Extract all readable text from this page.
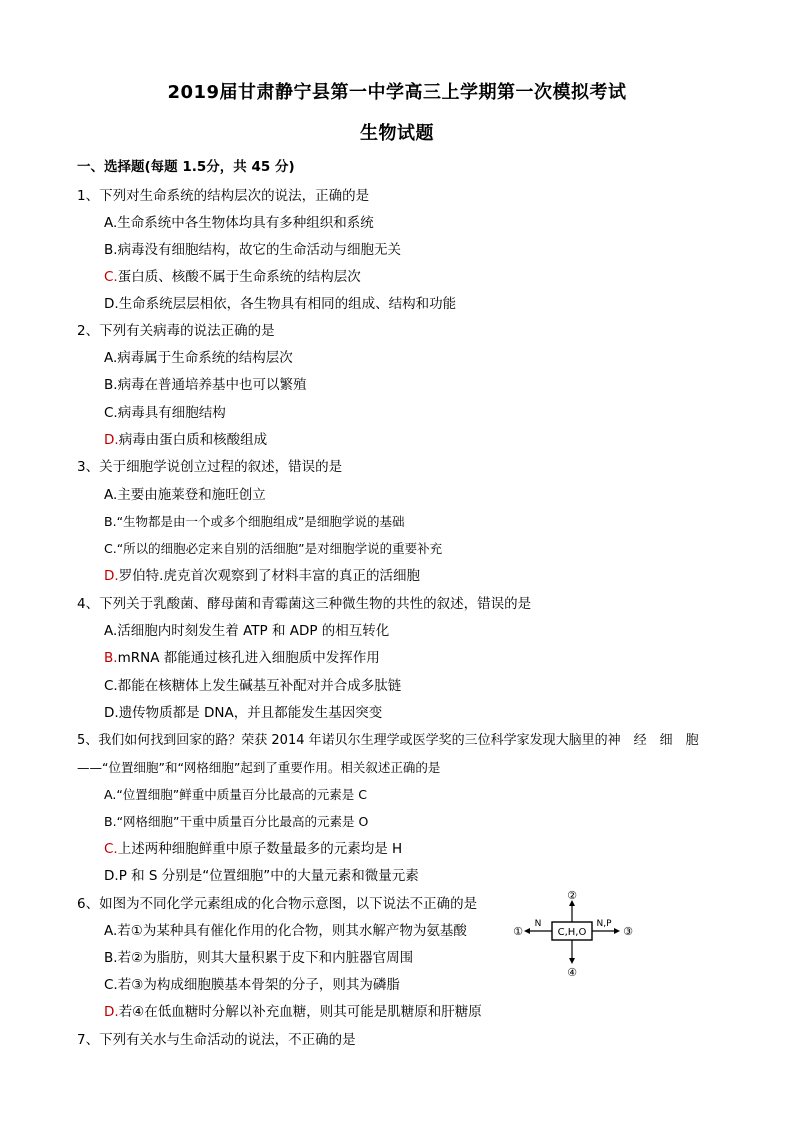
2019届甘肃静宁县第一中学高三上学期第一次模拟考试
生物试题
一、选择题(每题 1.5分，共 45 分)
1、下列对生命系统的结构层次的说法，正确的是
A.生命系统中各生物体均具有多种组织和系统
B.病毒没有细胞结构，故它的生命活动与细胞无关
C.蛋白质、核酸不属于生命系统的结构层次
D.生命系统层层相依，各生物具有相同的组成、结构和功能
2、下列有关病毒的说法正确的是
A.病毒属于生命系统的结构层次
B.病毒在普通培养基中也可以繁殖
C.病毒具有细胞结构
D.病毒由蛋白质和核酸组成
3、关于细胞学说创立过程的叙述，错误的是
A.主要由施莱登和施旺创立
B.“生物都是由一个或多个细胞组成”是细胞学说的基础
C.“所以的细胞必定来自别的活细胞”是对细胞学说的重要补充
D.罗伯特.虎克首次观察到了材料丰富的真正的活细胞
4、下列关于乳酸菌、酵母菌和青霉菌这三种微生物的共性的叙述，错误的是
A.活细胞内时刻发生着 ATP 和 ADP 的相互转化
B.mRNA 都能通过核孔进入细胞质中发挥作用
C.都能在核糖体上发生碱基互补配对并合成多肽链
D.遗传物质都是 DNA，并且都能发生基因突变
5、我们如何找到回家的路？荣获 2014 年诺贝尔生理学或医学奖的三位科学家发现大脑里的神　经　细　胞
——“位置细胞”和“网格细胞”起到了重要作用。相关叙述正确的是
A.“位置细胞”鲜重中质量百分比最高的元素是 C
B.“网格细胞”干重中质量百分比最高的元素是 O
C.上述两种细胞鲜重中原子数量最多的元素均是 H
D.P 和 S 分别是“位置细胞”中的大量元素和微量元素
6、如图为不同化学元素组成的化合物示意图，以下说法不正确的是
A.若①为某种具有催化作用的化合物，则其水解产物为氨基酸
B.若②为脂肪，则其大量积累于皮下和内脏器官周围
C.若③为构成细胞膜基本骨架的分子，则其为磷脂
D.若④在低血糖时分解以补充血糖，则其可能是肌糖原和肝糖原
7、下列有关水与生命活动的说法，不正确的是
C,H,O
②
④
①
N
③
N,P
